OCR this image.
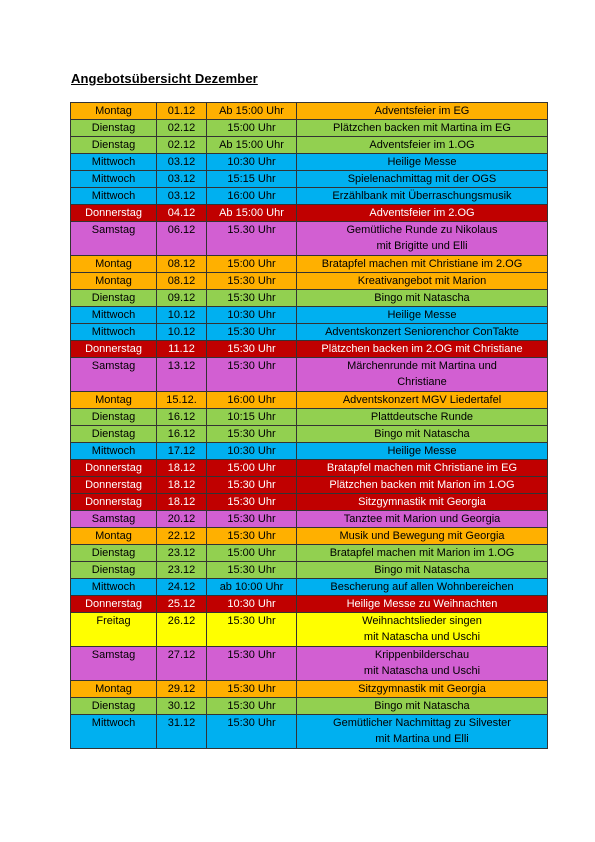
Angebotsübersicht Dezember
Montag	01.12	Ab 15:00 Uhr	Adventsfeier im EG
Dienstag	02.12	15:00 Uhr	Plätzchen backen mit Martina im EG
Dienstag	02.12	Ab 15:00 Uhr	Adventsfeier im 1.OG
Mittwoch	03.12	10:30 Uhr	Heilige Messe
Mittwoch	03.12	15:15 Uhr	Spielenachmittag mit der OGS
Mittwoch	03.12	16:00 Uhr	Erzählbank mit Überraschungsmusik
Donnerstag	04.12	Ab 15:00 Uhr	Adventsfeier im 2.OG
Samstag	06.12	15.30 Uhr	Gemütliche Runde zu Nikolaus
mit Brigitte und Elli

Montag	08.12	15:00 Uhr	Bratapfel machen mit Christiane im 2.OG
Montag	08.12	15:30 Uhr	Kreativangebot mit Marion
Dienstag	09.12	15:30 Uhr	Bingo mit Natascha
Mittwoch	10.12	10:30 Uhr	Heilige Messe
Mittwoch	10.12	15:30 Uhr	Adventskonzert Seniorenchor ConTakte
Donnerstag	11.12	15:30 Uhr	Plätzchen backen im 2.OG mit Christiane
Samstag	13.12	15:30 Uhr	Märchenrunde mit Martina und
Christiane

Montag	15.12.	16:00 Uhr	Adventskonzert MGV Liedertafel
Dienstag	16.12	10:15 Uhr	Plattdeutsche Runde
Dienstag	16.12	15:30 Uhr	Bingo mit Natascha
Mittwoch	17.12	10:30 Uhr	Heilige Messe
Donnerstag	18.12	15:00 Uhr	Bratapfel machen mit Christiane im EG
Donnerstag	18.12	15:30 Uhr	Plätzchen backen mit Marion im 1.OG
Donnerstag	18.12	15:30 Uhr	Sitzgymnastik mit Georgia
Samstag	20.12	15:30 Uhr	Tanztee mit Marion und Georgia
Montag	22.12	15:30 Uhr	Musik und Bewegung mit Georgia
Dienstag	23.12	15:00 Uhr	Bratapfel machen mit Marion im 1.OG
Dienstag	23.12	15:30 Uhr	Bingo mit Natascha
Mittwoch	24.12	ab 10:00 Uhr	Bescherung auf allen Wohnbereichen
Donnerstag	25.12	10:30 Uhr	Heilige Messe zu Weihnachten
Freitag	26.12	15:30 Uhr	Weihnachtslieder singen
mit Natascha und Uschi

Samstag	27.12	15:30 Uhr	Krippenbilderschau
mit Natascha und Uschi

Montag	29.12	15:30 Uhr	Sitzgymnastik mit Georgia
Dienstag	30.12	15:30 Uhr	Bingo mit Natascha
Mittwoch	31.12	15:30 Uhr	Gemütlicher Nachmittag zu Silvester
mit Martina und Elli
